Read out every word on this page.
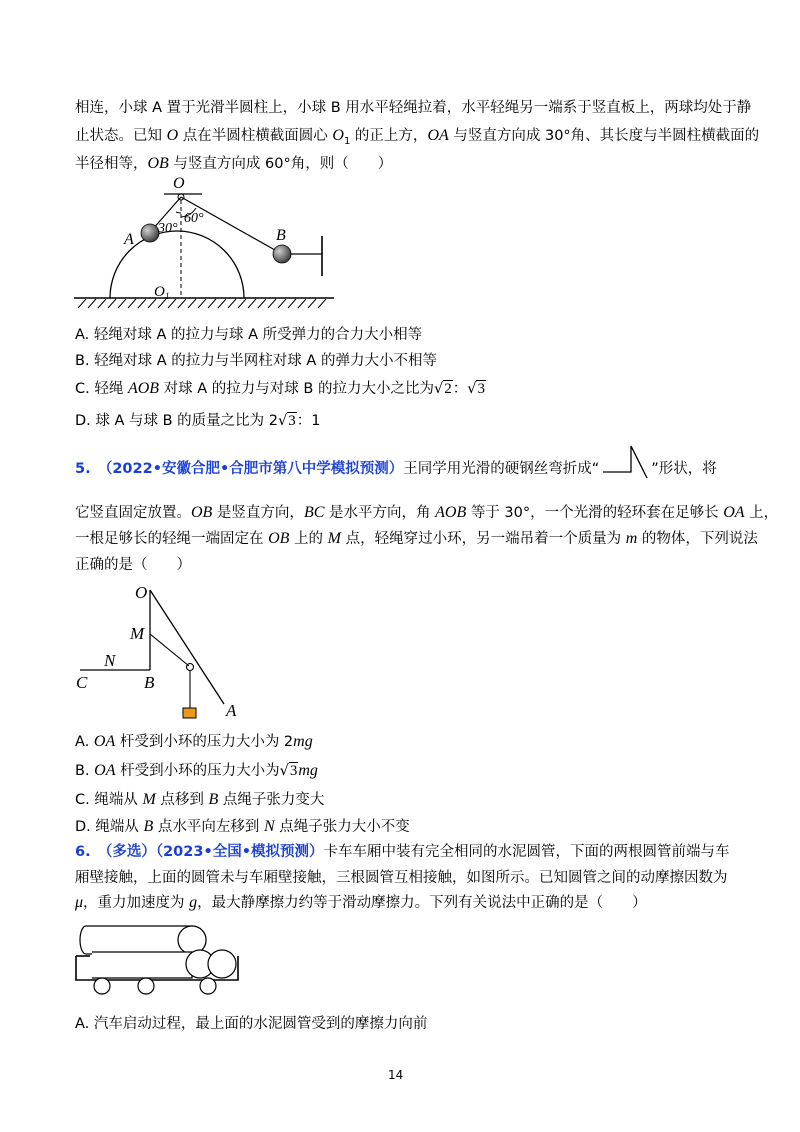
相连，小球 A 置于光滑半圆柱上，小球 B 用水平轻绳拉着，水平轻绳另一端系于竖直板上，两球均处于静
止状态。已知 O 点在半圆柱横截面圆心 $O_1$ 的正上方，OA 与竖直方向成 30°角、其长度与半圆柱横截面的
半径相等，OB 与竖直方向成 60°角，则（　　）
O
A	B
60°
30°
O 1
A. 轻绳对球 A 的拉力与球 A 所受弹力的合力大小相等
B. 轻绳对球 A 的拉力与半网柱对球 A 的弹力大小不相等
C. 轻绳 AOB 对球 A 的拉力与对球 B 的拉力大小之比为√2：√3
D. 球 A 与球 B 的质量之比为 2√3：1
5.　（2022•安徽合肥•合肥市第八中学模拟预测）王同学用光滑的硬钢丝弯折成“	”形状，将
它竖直固定放置。OB 是竖直方向，BC 是水平方向，角 AOB 等于 30°，一个光滑的轻环套在足够长 OA 上，
一根足够长的轻绳一端固定在 OB 上的 M 点，轻绳穿过小环，另一端吊着一个质量为 m 的物体，下列说法
正确的是（　　）
O
M
N
C	B
A
A. OA 杆受到小环的压力大小为 2mg
B. OA 杆受到小环的压力大小为√3mg
C. 绳端从 M 点移到 B 点绳子张力变大
D. 绳端从 B 点水平向左移到 N 点绳子张力大小不变
6.　（多选）（2023•全国•模拟预测）卡车车厢中装有完全相同的水泥圆管，下面的两根圆管前端与车
厢壁接触，上面的圆管未与车厢壁接触，三根圆管互相接触，如图所示。已知圆管之间的动摩擦因数为
μ，重力加速度为 g，最大静摩擦力约等于滑动摩擦力。下列有关说法中正确的是（　　）
A. 汽车启动过程，最上面的水泥圆管受到的摩擦力向前
14
